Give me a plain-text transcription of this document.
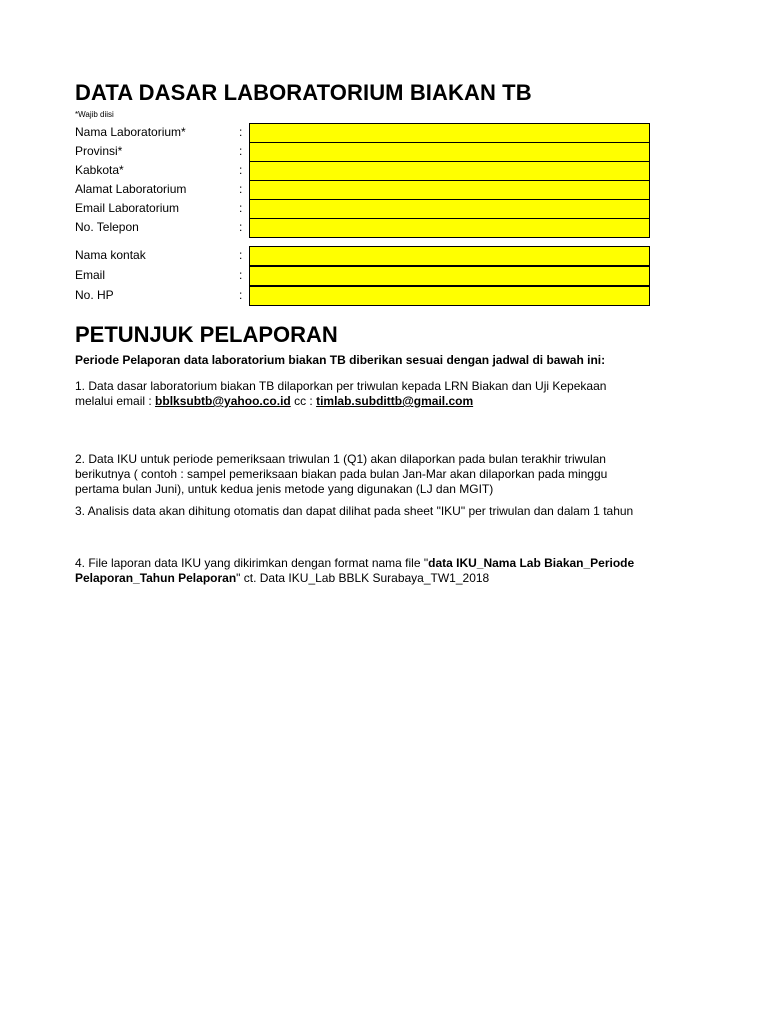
DATA DASAR LABORATORIUM BIAKAN TB
*Wajib diisi
Nama Laboratorium*	:
Provinsi*	:
Kabkota*	:
Alamat Laboratorium	:
Email Laboratorium	:
No. Telepon	:
Nama kontak	:
Email	:
No. HP	:
PETUNJUK PELAPORAN
Periode Pelaporan data laboratorium biakan TB diberikan sesuai dengan jadwal di bawah ini:
1. Data dasar laboratorium biakan TB dilaporkan per triwulan kepada LRN Biakan dan Uji Kepekaan melalui email : bblksubtb@yahoo.co.id cc : timlab.subdittb@gmail.com
2. Data IKU untuk periode pemeriksaan triwulan 1 (Q1) akan dilaporkan pada bulan terakhir triwulan berikutnya ( contoh : sampel pemeriksaan biakan pada bulan Jan-Mar akan dilaporkan pada minggu pertama bulan Juni), untuk kedua jenis metode yang digunakan (LJ dan MGIT)
3. Analisis data akan dihitung otomatis dan dapat dilihat pada sheet "IKU" per triwulan dan dalam 1 tahun
4. File laporan data IKU yang dikirimkan dengan format nama file "data IKU_Nama Lab Biakan_Periode Pelaporan_Tahun Pelaporan" ct. Data IKU_Lab BBLK Surabaya_TW1_2018
